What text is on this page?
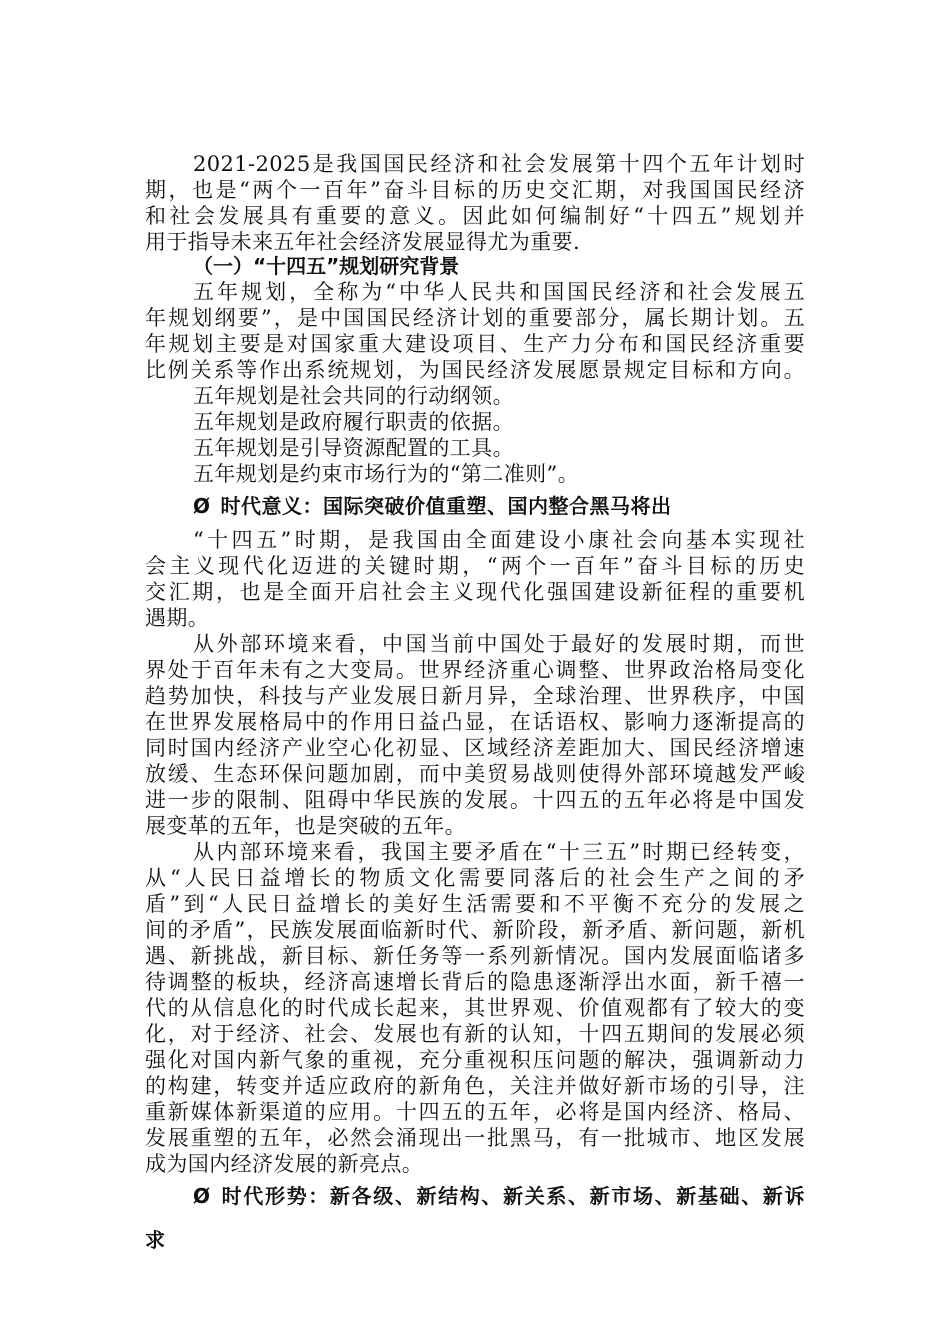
2021-2025是我国国民经济和社会发展第十四个五年计划时
期，也是“两个一百年”奋斗目标的历史交汇期，对我国国民经济
和社会发展具有重要的意义。因此如何编制好“十四五”规划并
用于指导未来五年社会经济发展显得尤为重要.
（一）“十四五”规划研究背景
五年规划，全称为“中华人民共和国国民经济和社会发展五
年规划纲要”，是中国国民经济计划的重要部分，属长期计划。五
年规划主要是对国家重大建设项目、生产力分布和国民经济重要
比例关系等作出系统规划，为国民经济发展愿景规定目标和方向。
五年规划是社会共同的行动纲领。
五年规划是政府履行职责的依据。
五年规划是引导资源配置的工具。
五年规划是约束市场行为的“第二准则”。
Ø 时代意义：国际突破价值重塑、国内整合黑马将出
“十四五”时期，是我国由全面建设小康社会向基本实现社
会主义现代化迈进的关键时期，“两个一百年”奋斗目标的历史
交汇期，也是全面开启社会主义现代化强国建设新征程的重要机
遇期。
从外部环境来看，中国当前中国处于最好的发展时期，而世
界处于百年未有之大变局。世界经济重心调整、世界政治格局变化
趋势加快，科技与产业发展日新月异，全球治理、世界秩序，中国
在世界发展格局中的作用日益凸显，在话语权、影响力逐渐提高的
同时国内经济产业空心化初显、区域经济差距加大、国民经济增速
放缓、生态环保问题加剧，而中美贸易战则使得外部环境越发严峻
进一步的限制、阻碍中华民族的发展。十四五的五年必将是中国发
展变革的五年，也是突破的五年。
从内部环境来看，我国主要矛盾在“十三五”时期已经转变，
从“人民日益增长的物质文化需要同落后的社会生产之间的矛
盾”到“人民日益增长的美好生活需要和不平衡不充分的发展之
间的矛盾”，民族发展面临新时代、新阶段，新矛盾、新问题，新机
遇、新挑战，新目标、新任务等一系列新情况。国内发展面临诸多
待调整的板块，经济高速增长背后的隐患逐渐浮出水面，新千禧一
代的从信息化的时代成长起来，其世界观、价值观都有了较大的变
化，对于经济、社会、发展也有新的认知，十四五期间的发展必须
强化对国内新气象的重视，充分重视积压问题的解决，强调新动力
的构建，转变并适应政府的新角色，关注并做好新市场的引导，注
重新媒体新渠道的应用。十四五的五年，必将是国内经济、格局、
发展重塑的五年，必然会涌现出一批黑马，有一批城市、地区发展
成为国内经济发展的新亮点。
Ø 时代形势：新各级、新结构、新关系、新市场、新基础、新诉
求
